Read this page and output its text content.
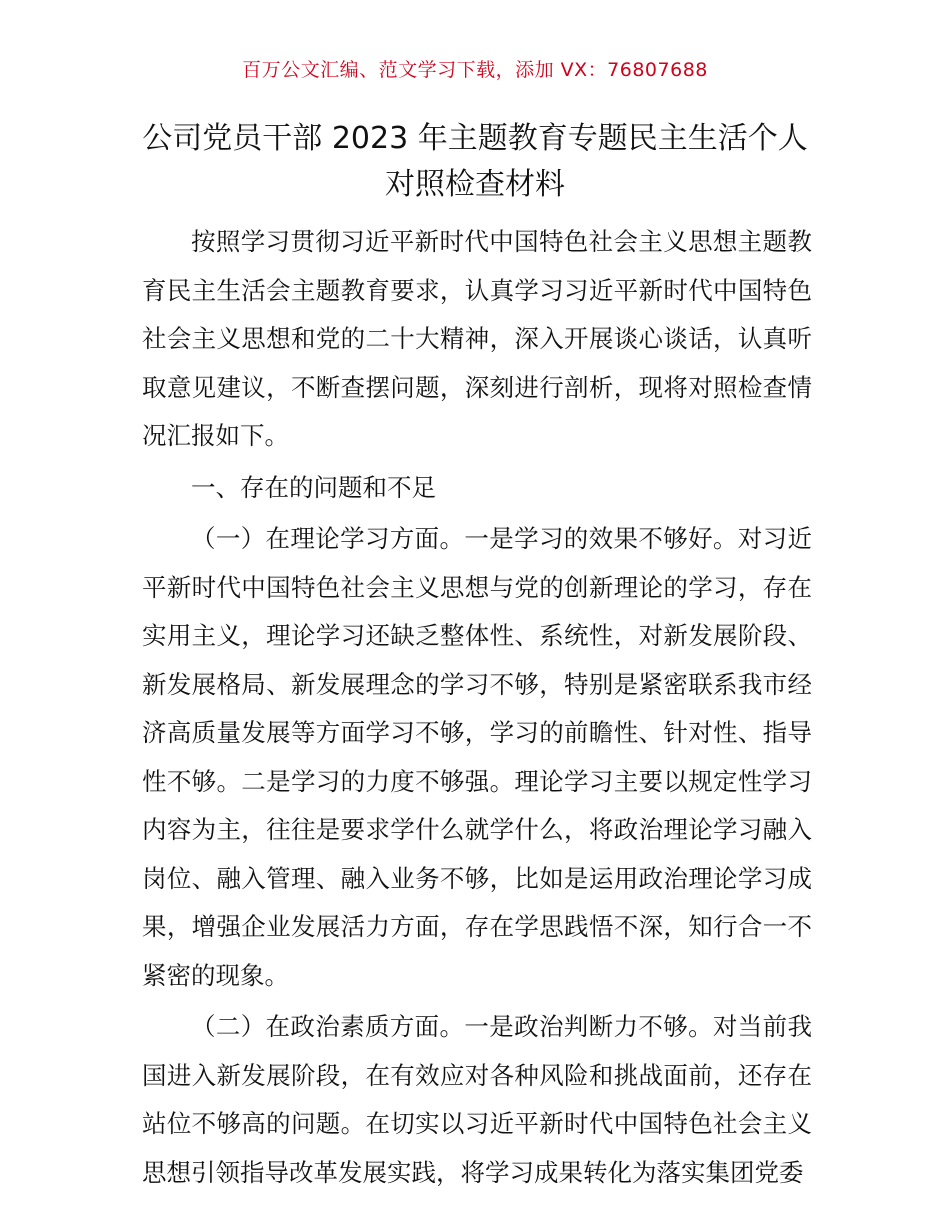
百万公文汇编、范文学习下载，添加 VX：76807688
公司党员干部 2023 年主题教育专题民主生活个人对照检查材料

按照学习贯彻习近平新时代中国特色社会主义思想主题教育民主生活会主题教育要求，认真学习习近平新时代中国特色社会主义思想和党的二十大精神，深入开展谈心谈话，认真听取意见建议，不断查摆问题，深刻进行剖析，现将对照检查情况汇报如下。

一、存在的问题和不足

（一）在理论学习方面。一是学习的效果不够好。对习近平新时代中国特色社会主义思想与党的创新理论的学习，存在实用主义，理论学习还缺乏整体性、系统性，对新发展阶段、新发展格局、新发展理念的学习不够，特别是紧密联系我市经济高质量发展等方面学习不够，学习的前瞻性、针对性、指导性不够。二是学习的力度不够强。理论学习主要以规定性学习内容为主，往往是要求学什么就学什么，将政治理论学习融入岗位、融入管理、融入业务不够，比如是运用政治理论学习成果，增强企业发展活力方面，存在学思践悟不深，知行合一不紧密的现象。

（二）在政治素质方面。一是政治判断力不够。对当前我国进入新发展阶段，在有效应对各种风险和挑战面前，还存在站位不够高的问题。在切实以习近平新时代中国特色社会主义思想引领指导改革发展实践，将学习成果转化为落实集团党委
